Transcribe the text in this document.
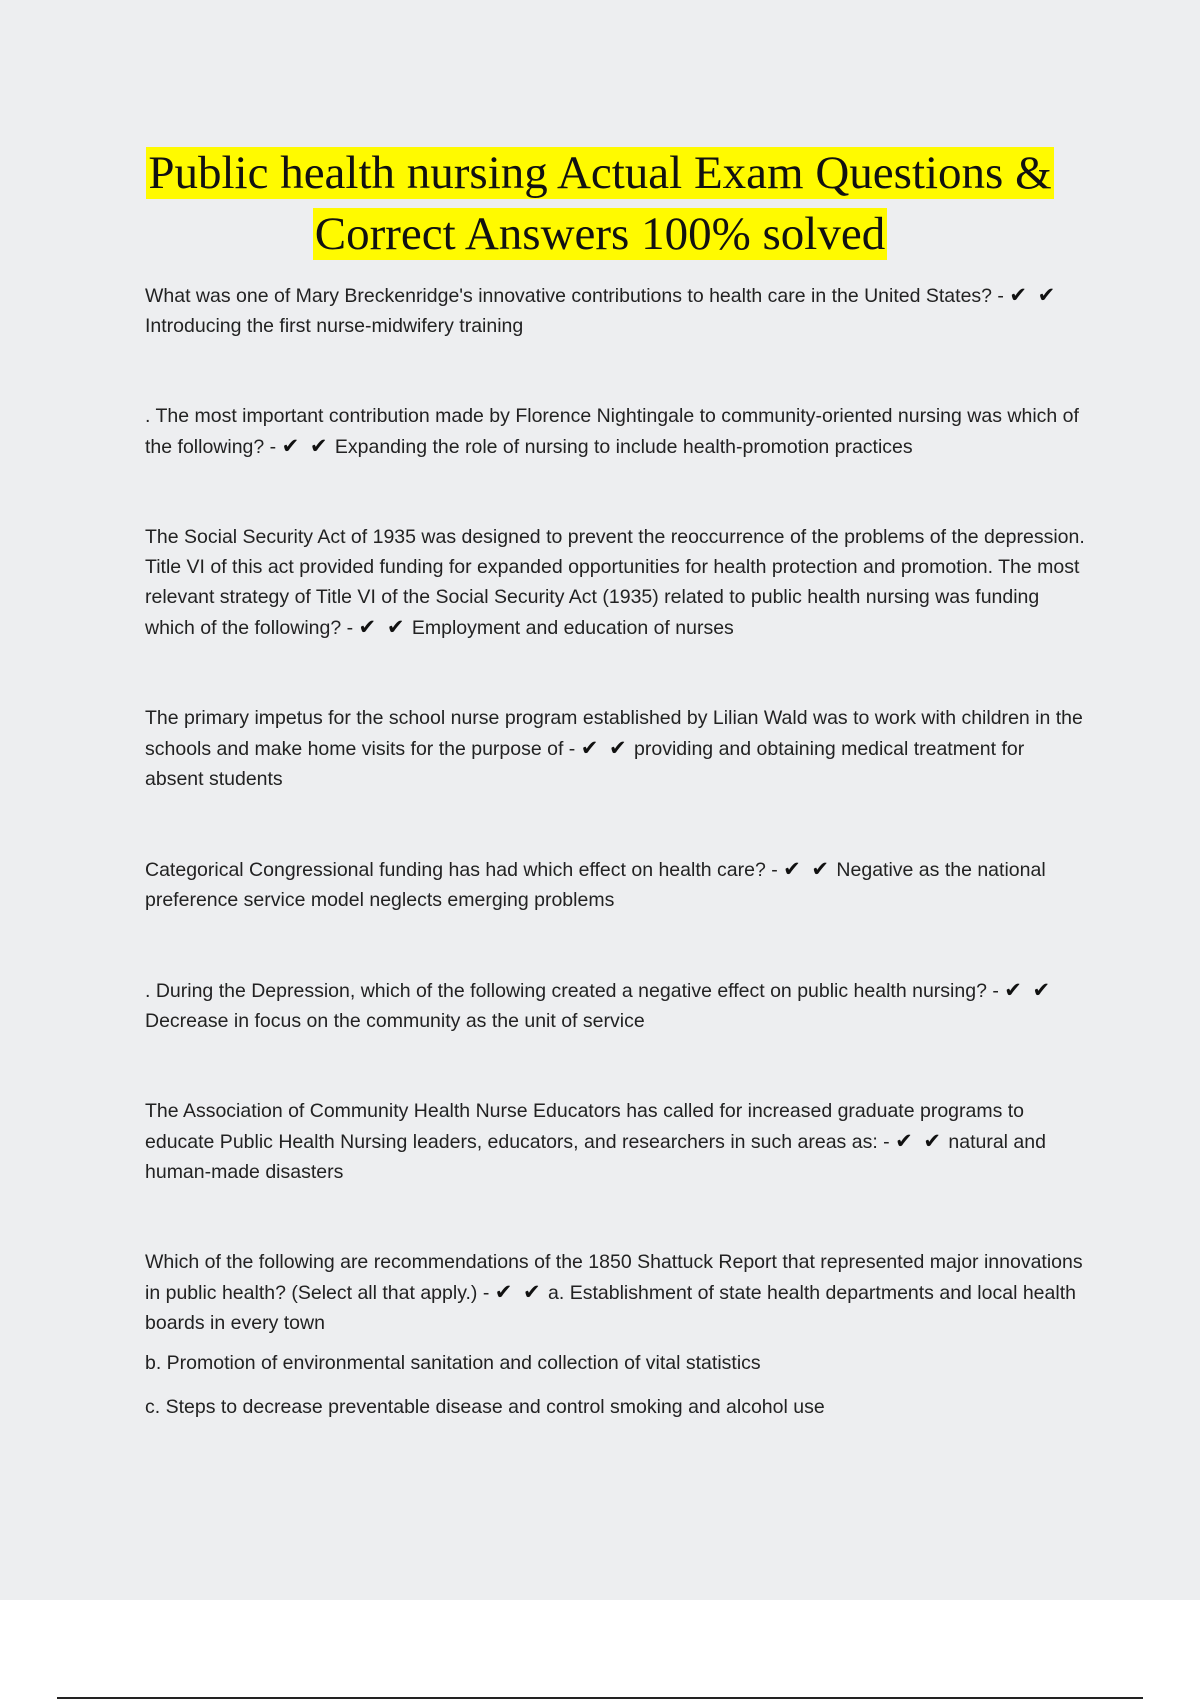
Public health nursing Actual Exam Questions &
Correct Answers 100% solved

What was one of Mary Breckenridge's innovative contributions to health care in the United States? - ✔ ✔ Introducing the first nurse-midwifery training

. The most important contribution made by Florence Nightingale to community-oriented nursing was which of the following? - ✔ ✔ Expanding the role of nursing to include health-promotion practices

The Social Security Act of 1935 was designed to prevent the reoccurrence of the problems of the depression. Title VI of this act provided funding for expanded opportunities for health protection and promotion. The most relevant strategy of Title VI of the Social Security Act (1935) related to public health nursing was funding which of the following? - ✔ ✔ Employment and education of nurses

The primary impetus for the school nurse program established by Lilian Wald was to work with children in the schools and make home visits for the purpose of - ✔ ✔ providing and obtaining medical treatment for absent students

Categorical Congressional funding has had which effect on health care? - ✔ ✔ Negative as the national preference service model neglects emerging problems

. During the Depression, which of the following created a negative effect on public health nursing? - ✔ ✔ Decrease in focus on the community as the unit of service

The Association of Community Health Nurse Educators has called for increased graduate programs to educate Public Health Nursing leaders, educators, and researchers in such areas as: - ✔ ✔ natural and human-made disasters

Which of the following are recommendations of the 1850 Shattuck Report that represented major innovations in public health? (Select all that apply.) - ✔ ✔ a. Establishment of state health departments and local health boards in every town

b. Promotion of environmental sanitation and collection of vital statistics

c. Steps to decrease preventable disease and control smoking and alcohol use
